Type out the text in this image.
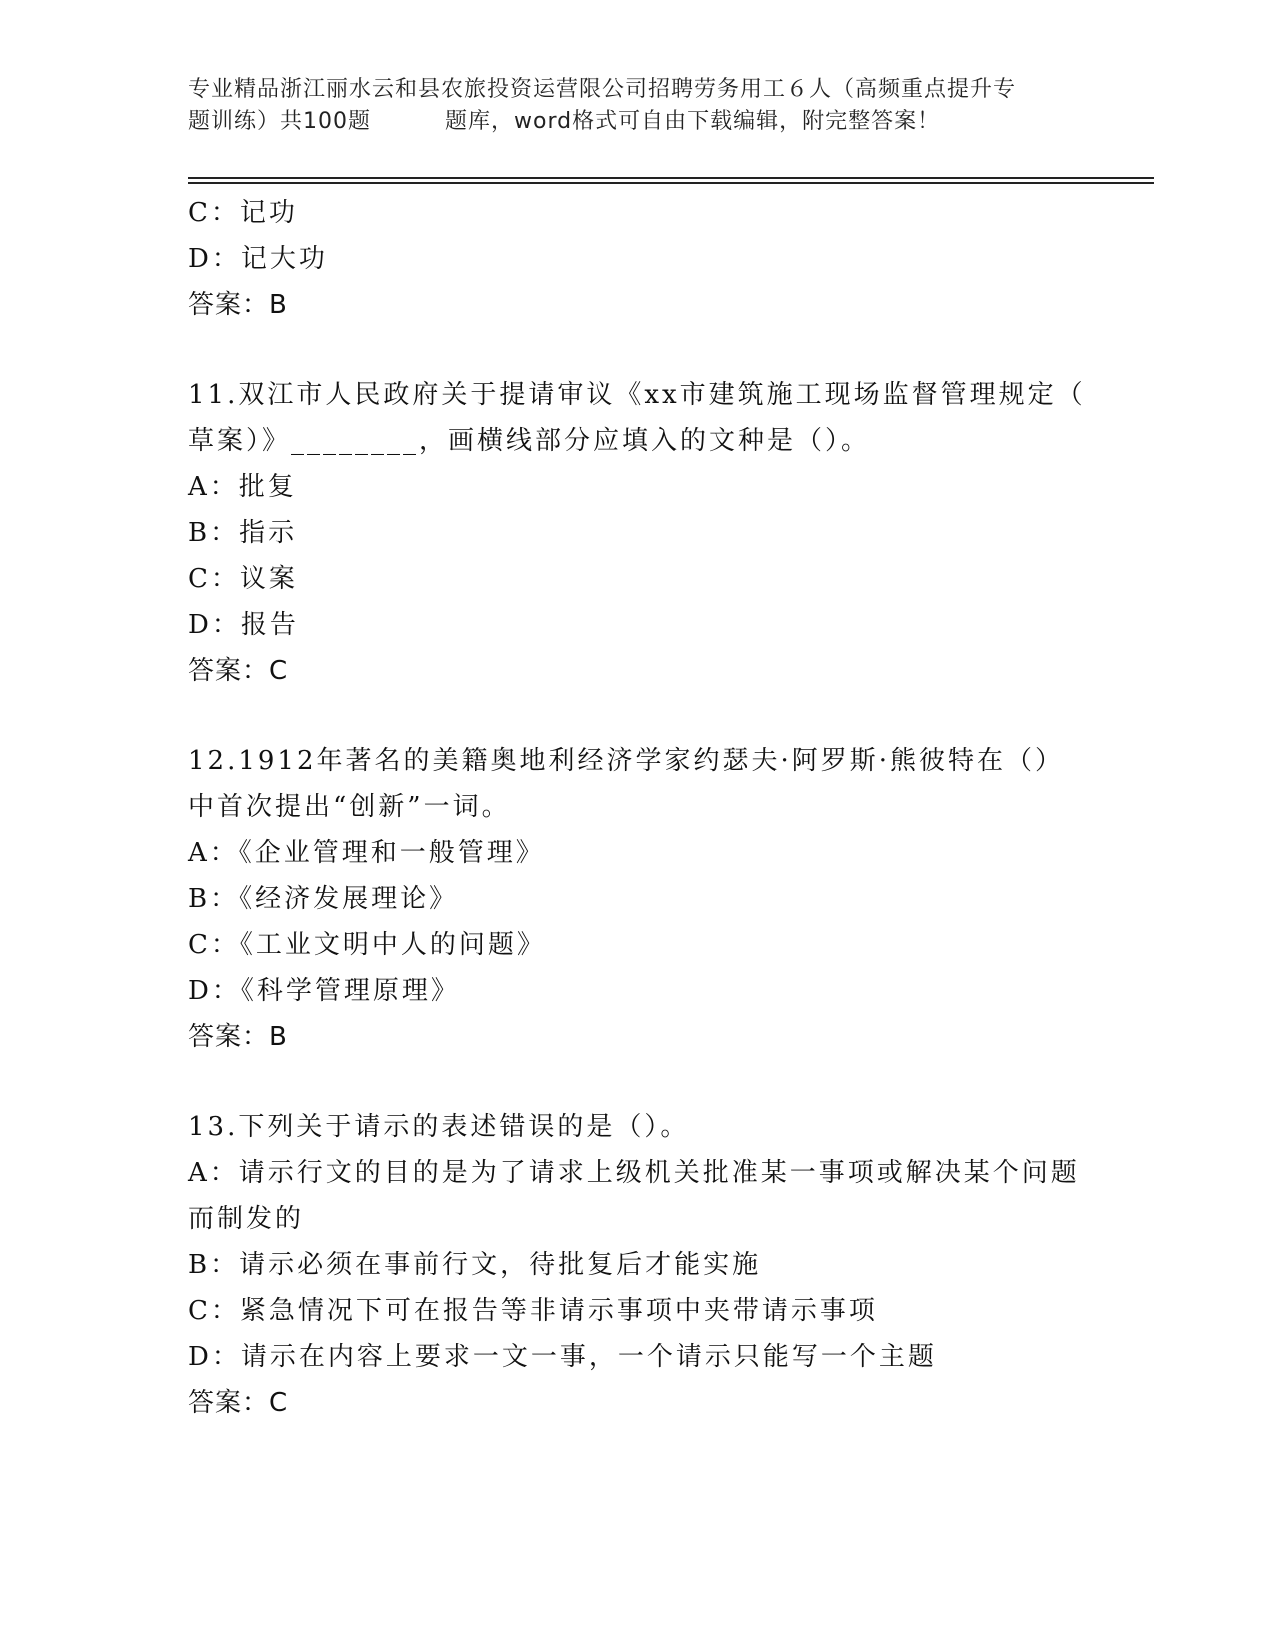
专业精品浙江丽水云和县农旅投资运营限公司招聘劳务用工６人（高频重点提升专
题训练）共100题	题库，word格式可自由下载编辑，附完整答案！
C：记功
D：记大功
答案：B
11.双江市人民政府关于提请审议《xx市建筑施工现场监督管理规定（
草案）》________，画横线部分应填入的文种是（）。
A：批复
B：指示
C：议案
D：报告
答案：C
12.1912年著名的美籍奥地利经济学家约瑟夫·阿罗斯·熊彼特在（）
中首次提出“创新”一词。
A：《企业管理和一般管理》
B：《经济发展理论》
C：《工业文明中人的问题》
D：《科学管理原理》
答案：B
13.下列关于请示的表述错误的是（）。
A：请示行文的目的是为了请求上级机关批准某一事项或解决某个问题
而制发的
B：请示必须在事前行文，待批复后才能实施
C：紧急情况下可在报告等非请示事项中夹带请示事项
D：请示在内容上要求一文一事，一个请示只能写一个主题
答案：C
